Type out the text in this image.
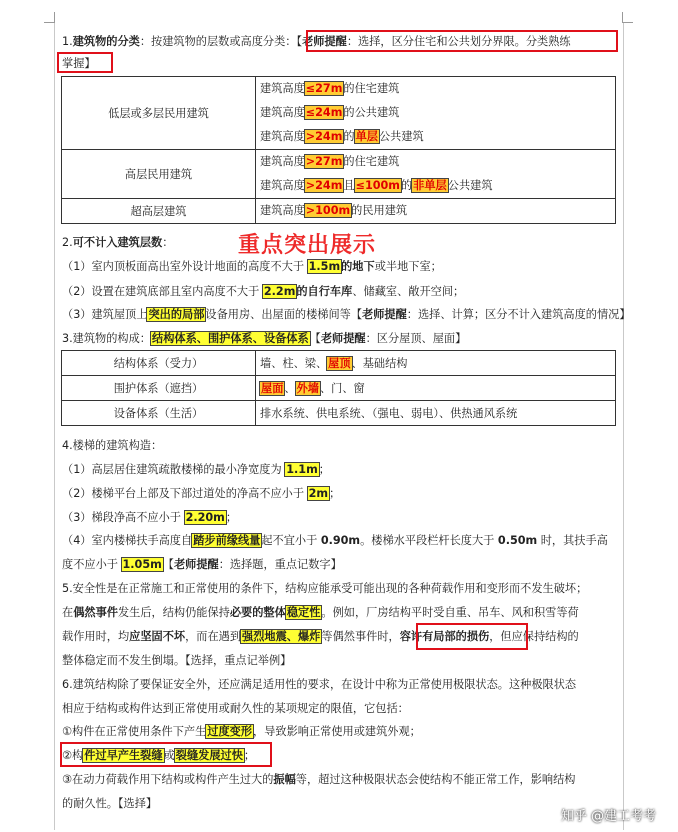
1.建筑物的分类：按建筑物的层数或高度分类：【老师提醒：选择，区分住宅和公共划分界限。分类熟练
掌握】
低层或多层民用建筑	建筑高度≤27m的住宅建筑
建筑高度≤24m的公共建筑
建筑高度>24m的单层公共建筑

高层民用建筑	建筑高度>27m的住宅建筑
建筑高度>24m且≤100m的非单层公共建筑

超高层建筑	建筑高度>100m的民用建筑
2.可不计入建筑层数：	重点突出展示
（1）室内顶板面高出室外设计地面的高度不大于 1.5m的地下或半地下室；
（2）设置在建筑底部且室内高度不大于 2.2m的自行车库、储藏室、敞开空间；
（3）建筑屋顶上突出的局部设备用房、出屋面的楼梯间等【老师提醒：选择、计算；区分不计入建筑高度的情况】
3.建筑物的构成：结构体系、围护体系、设备体系【老师提醒：区分屋顶、屋面】
结构体系（受力）	墙、柱、梁、屋顶、基础结构
围护体系（遮挡）	屋面、外墙、门、窗
设备体系（生活）	排水系统、供电系统、（强电、弱电）、供热通风系统
4.楼梯的建筑构造：
（1）高层居住建筑疏散楼梯的最小净宽度为 1.1m；
（2）楼梯平台上部及下部过道处的净高不应小于 2m；
（3）梯段净高不应小于 2.20m；
（4）室内楼梯扶手高度自踏步前缘线量起不宜小于 0.90m。楼梯水平段栏杆长度大于 0.50m 时，其扶手高
度不应小于 1.05m【老师提醒：选择题，重点记数字】
5.安全性是在正常施工和正常使用的条件下，结构应能承受可能出现的各种荷载作用和变形而不发生破坏；
在偶然事件发生后，结构仍能保持必要的整体稳定性。例如，厂房结构平时受自重、吊车、风和积雪等荷
载作用时，均应坚固不坏，而在遇到强烈地震、爆炸等偶然事件时，容许有局部的损伤，但应保持结构的
整体稳定而不发生倒塌。【选择，重点记举例】
6.建筑结构除了要保证安全外，还应满足适用性的要求，在设计中称为正常使用极限状态。这种极限状态
相应于结构或构件达到正常使用或耐久性的某项规定的限值，它包括：
①构件在正常使用条件下产生过度变形，导致影响正常使用或建筑外观；
②构件过早产生裂缝或裂缝发展过快；
③在动力荷载作用下结构或构件产生过大的振幅等，超过这种极限状态会使结构不能正常工作，影响结构
的耐久性。【选择】
知乎 @建工考考
